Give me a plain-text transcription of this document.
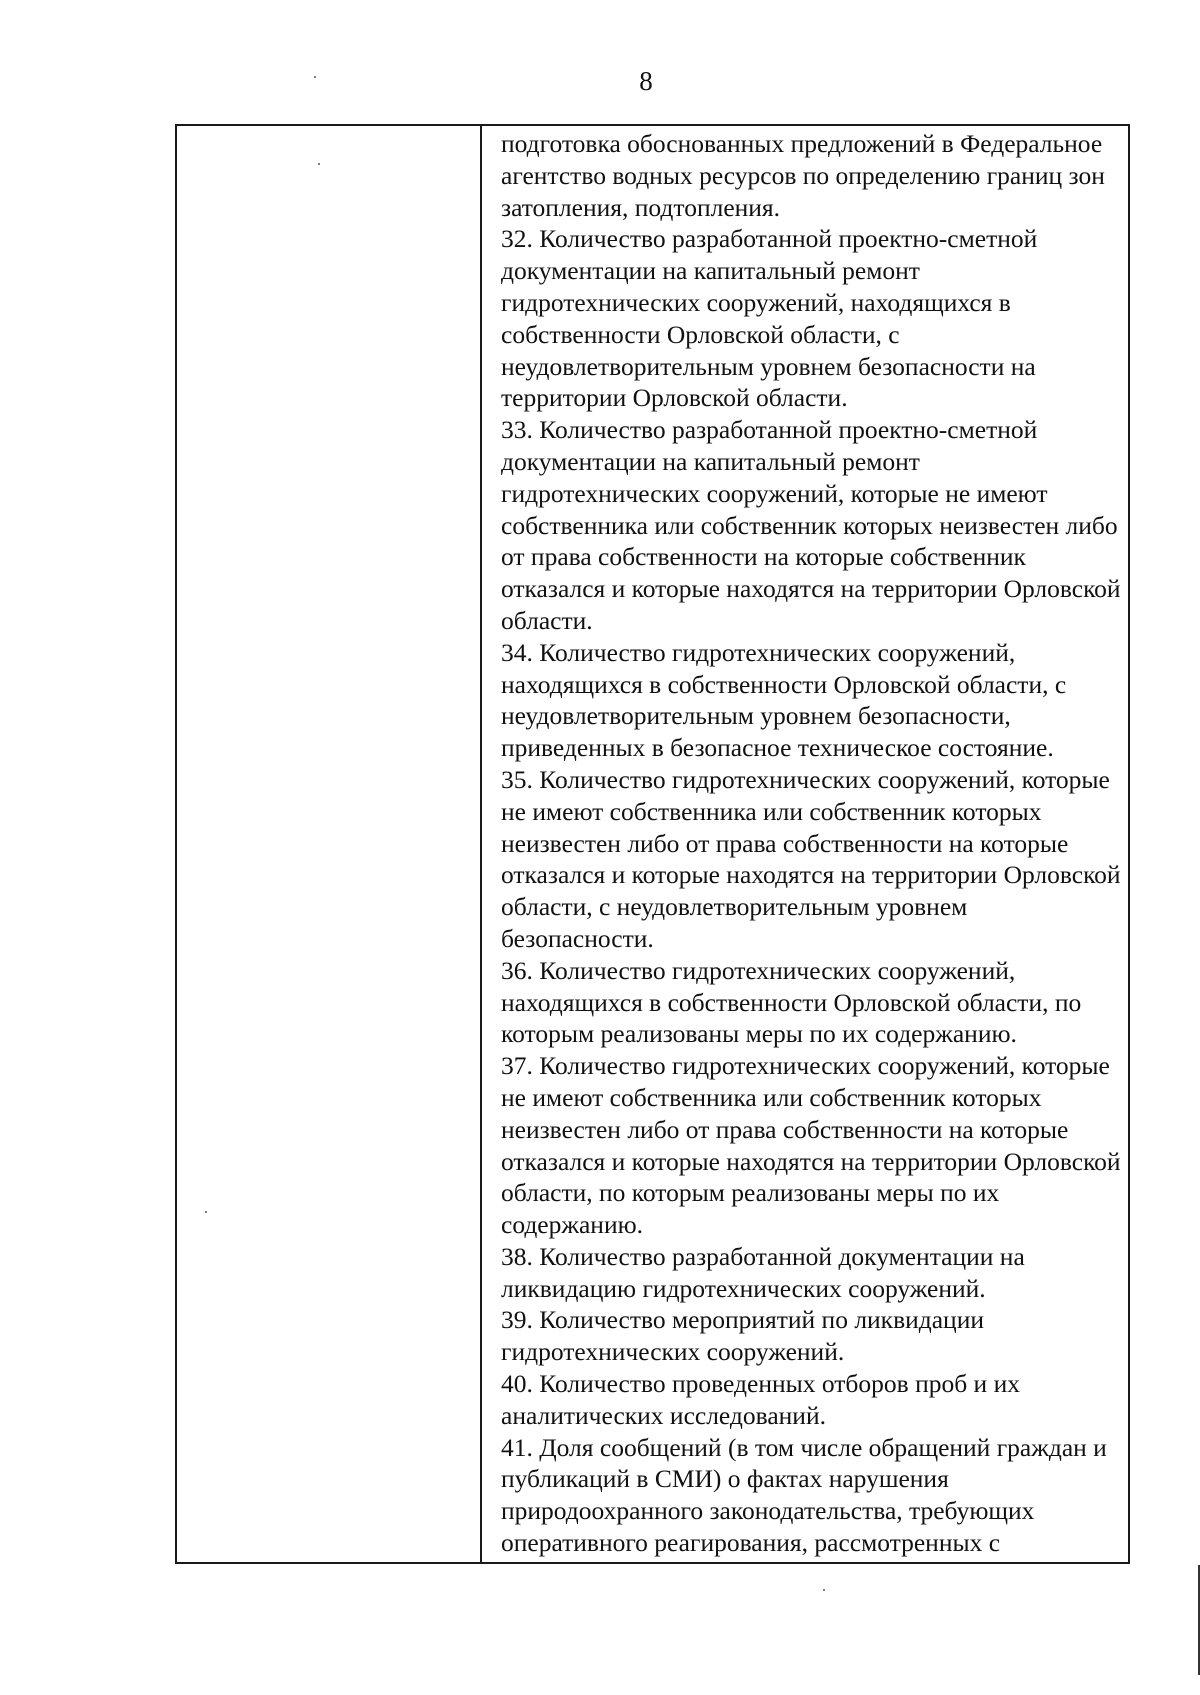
8

подготовка обоснованных предложений в Федеральное агентство водных ресурсов по определению границ зон затопления, подтопления.

32. Количество разработанной проектно-сметной документации на капитальный ремонт гидротехнических сооружений, находящихся в собственности Орловской области, с неудовлетворительным уровнем безопасности на территории Орловской области.

33. Количество разработанной проектно-сметной документации на капитальный ремонт гидротехнических сооружений, которые не имеют собственника или собственник которых неизвестен либо от права собственности на которые собственник отказался и которые находятся на территории Орловской области.

34. Количество гидротехнических сооружений, находящихся в собственности Орловской области, с неудовлетворительным уровнем безопасности, приведенных в безопасное техническое состояние.

35. Количество гидротехнических сооружений, которые не имеют собственника или собственник которых неизвестен либо от права собственности на которые отказался и которые находятся на территории Орловской области, с неудовлетворительным уровнем безопасности.

36. Количество гидротехнических сооружений, находящихся в собственности Орловской области, по которым реализованы меры по их содержанию.

37. Количество гидротехнических сооружений, которые не имеют собственника или собственник которых неизвестен либо от права собственности на которые отказался и которые находятся на территории Орловской области, по которым реализованы меры по их содержанию.

38. Количество разработанной документации на ликвидацию гидротехнических сооружений.

39. Количество мероприятий по ликвидации гидротехнических сооружений.

40. Количество проведенных отборов проб и их аналитических исследований.

41. Доля сообщений (в том числе обращений граждан и публикаций в СМИ) о фактах нарушения природоохранного законодательства, требующих оперативного реагирования, рассмотренных с
